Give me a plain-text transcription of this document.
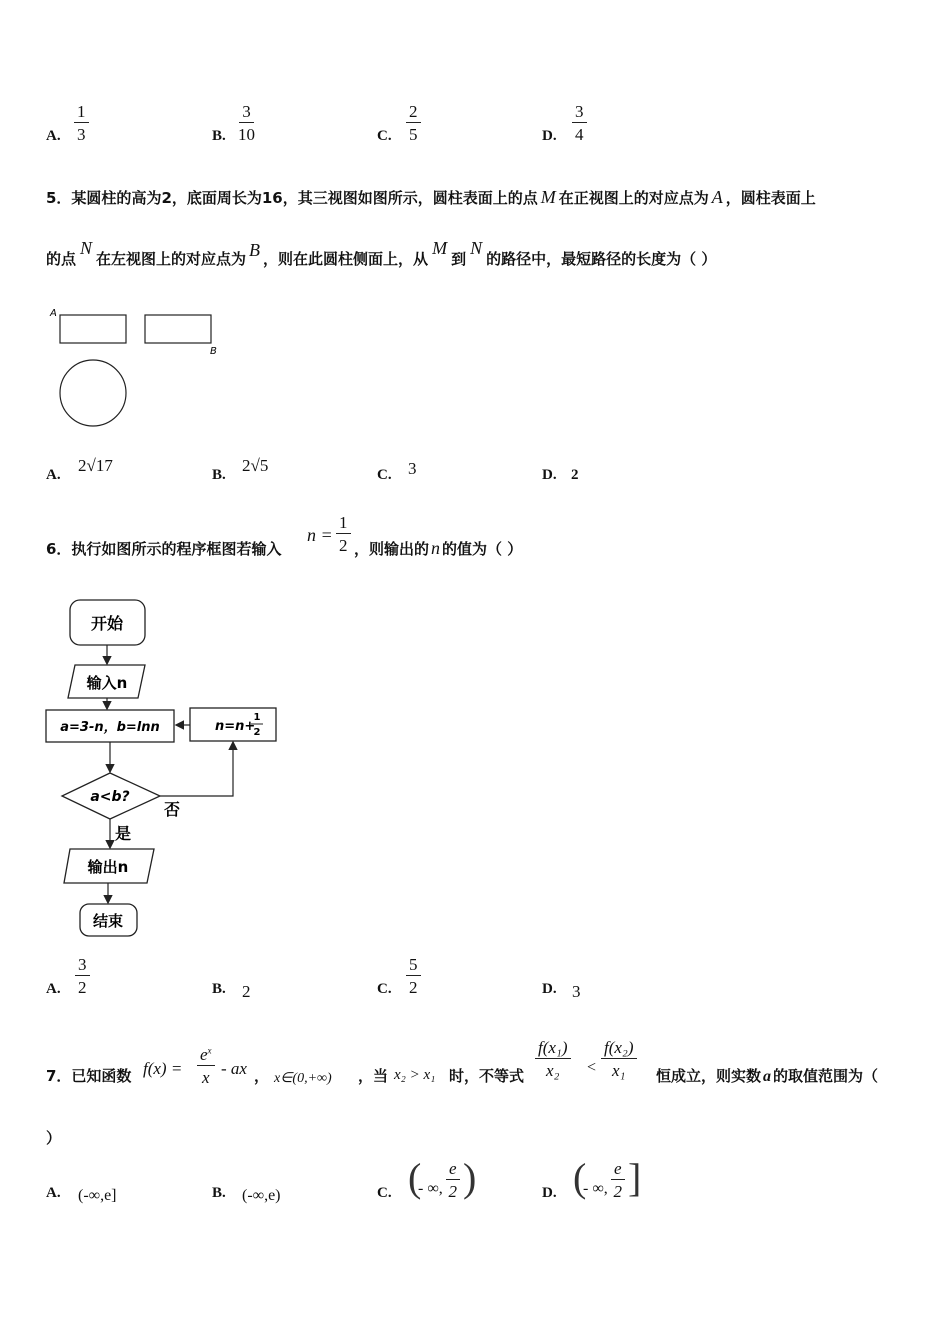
A. $\frac{1}{3}$	B. $\frac{3}{10}$	C. $\frac{2}{5}$	D. $\frac{3}{4}$
5．某圆柱的高为2，底面周长为16，其三视图如图所示，圆柱表面上的点 M 在正视图上的对应点为 A ，圆柱表面上
的点N在左视图上的对应点为 B ，则在此圆柱侧面上，从M到N的路径中，最短路径的长度为（ ）
A
B
A. 2√17	B. 2√5	C. 3	D. 2
6．执行如图所示的程序框图若输入
$n = \frac{1}{2}$ ，则输出的 n 的值为（ ）
开始
输入n
a=3-n，b=lnn	n=n+
1
2
a<b?
否
是
输出n
结束
A. $\frac{3}{2}$	B. 2	C. $\frac{5}{2}$	D. 3
7．已知函数 $f(x) = \frac{e^x}{x}$ - ax ， x∈(0,+∞) ，当 x₂ > x₁ 时，不等式 $\frac{\text{f(x₁)}}{\text{x₂}} < \frac{\text{f(x₂)}}{\text{x₁}}$ 恒成立，则实数 a 的取值范围为（
）
A. (-∞,e]	B. (-∞,e)	C. (
- ∞, $\frac{e}{2}$ )	D. (
- ∞, $\frac{e}{2}$ ]
